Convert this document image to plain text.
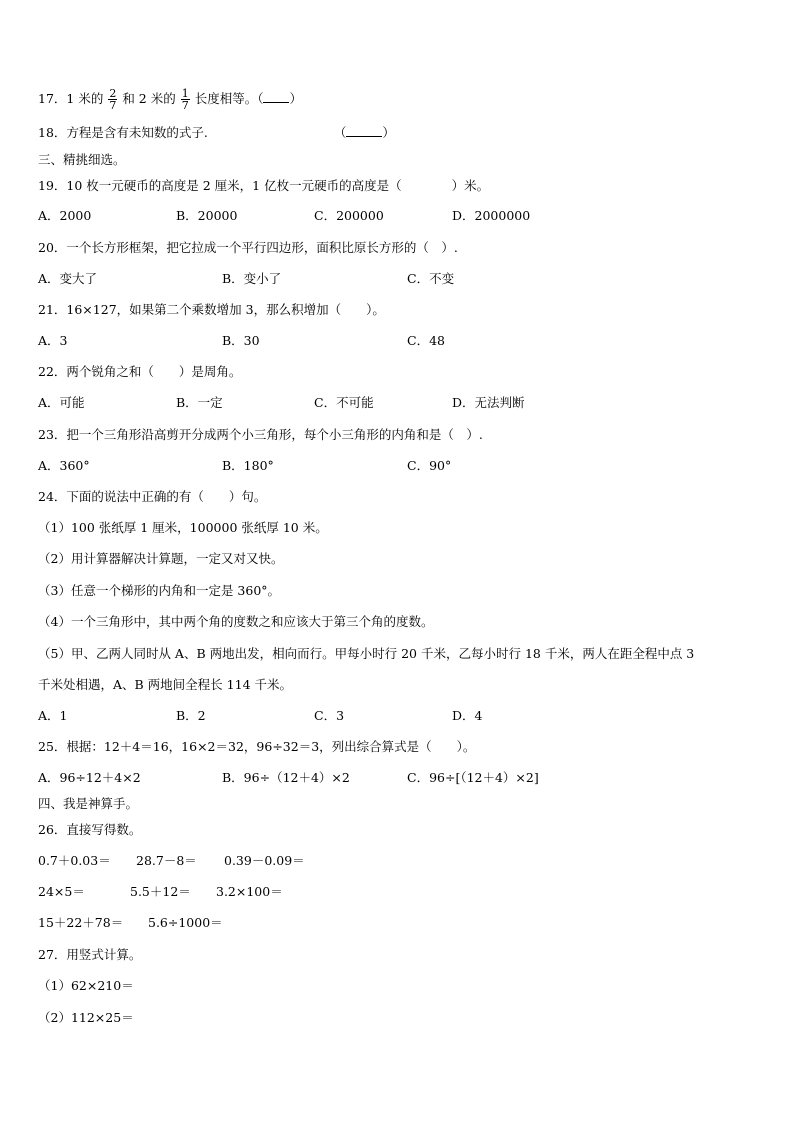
17．1 米的 $\frac{2}{7}$ 和 2 米的 $\frac{1}{7}$ 长度相等。（ ）
18．方程是含有未知数的式子.	（	）
三、精挑细选。
19．10 枚一元硬币的高度是 2 厘米，1 亿枚一元硬币的高度是（　　　　）米。
A．2000	B．20000	C．200000	D．2000000
20．一个长方形框架，把它拉成一个平行四边形，面积比原长方形的（　）.
A．变大了	B．变小了	C．不变
21．16×127，如果第二个乘数增加 3，那么积增加（　　）。
A．3	B．30	C．48
22．两个锐角之和（　　）是周角。
A．可能	B．一定	C．不可能	D．无法判断
23．把一个三角形沿高剪开分成两个小三角形，每个小三角形的内角和是（　）.
A．360°	B．180°	C．90°
24．下面的说法中正确的有（　　）句。
（1）100 张纸厚 1 厘米，100000 张纸厚 10 米。
（2）用计算器解决计算题，一定又对又快。
（3）任意一个梯形的内角和一定是 360°。
（4）一个三角形中，其中两个角的度数之和应该大于第三个角的度数。
（5）甲、乙两人同时从 A、B 两地出发，相向而行。甲每小时行 20 千米，乙每小时行 18 千米，两人在距全程中点 3
千米处相遇，A、B 两地间全程长 114 千米。
A．1	B．2	C．3	D．4
25．根据：12＋4＝16，16×2＝32，96÷32＝3，列出综合算式是（　　）。
A．96÷12＋4×2	B．96÷（12＋4）×2	C．96÷[（12＋4）×2]
四、我是神算手。
26．直接写得数。
0.7＋0.03＝ 28.7－8＝ 0.39－0.09＝
24×5＝	5.5＋12＝ 3.2×100＝
15＋22＋78＝ 5.6÷1000＝
27．用竖式计算。
（1）62×210＝
（2）112×25＝
